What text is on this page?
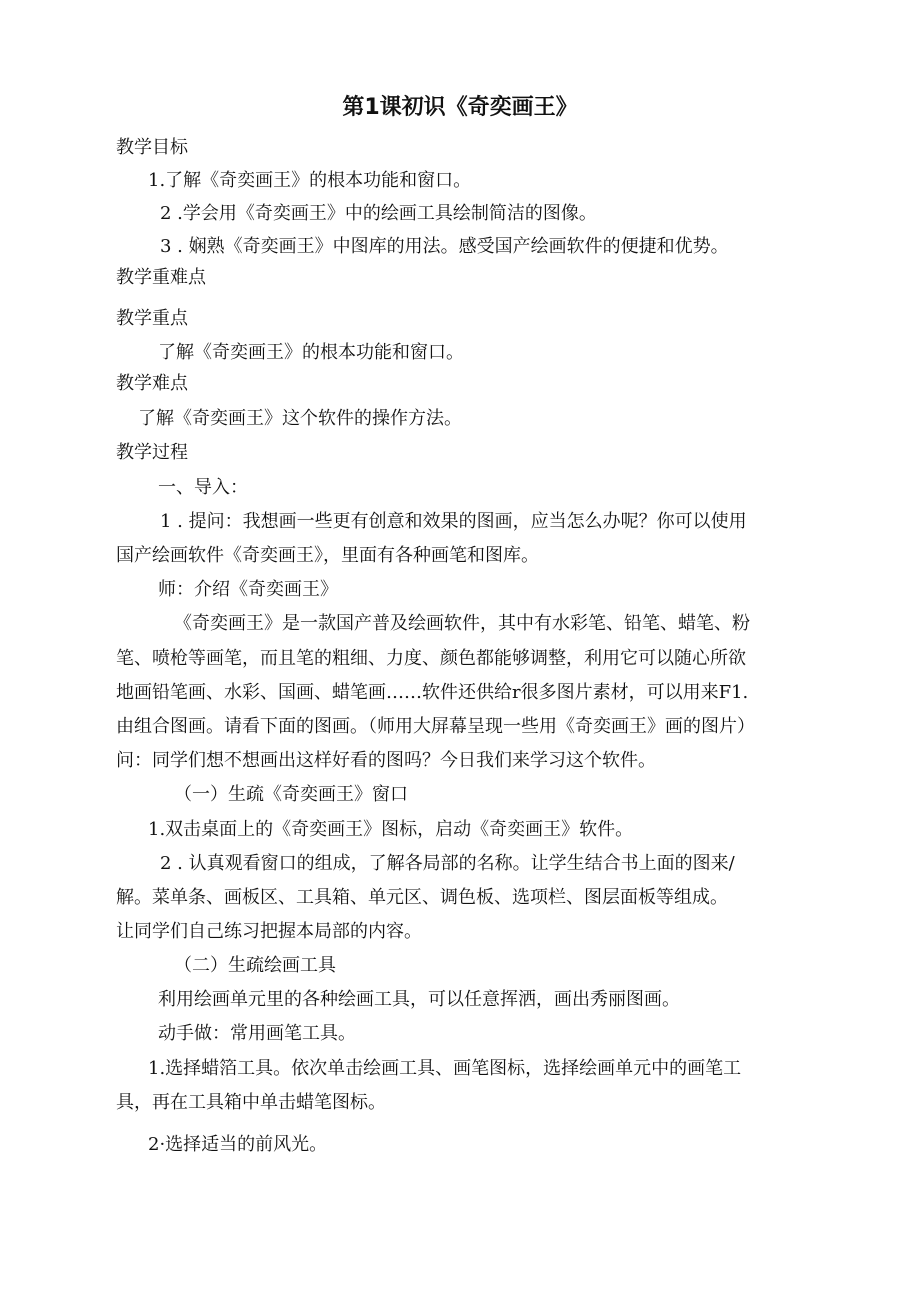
第1课初识《奇奕画王》
教学目标
1.了解《奇奕画王》的根本功能和窗口。
2 .学会用《奇奕画王》中的绘画工具绘制简洁的图像。
3 . 娴熟《奇奕画王》中图库的用法。感受国产绘画软件的便捷和优势。
教学重难点
教学重点
了解《奇奕画王》的根本功能和窗口。
教学难点
了解《奇奕画王》这个软件的操作方法。
教学过程
一、导入：
1 . 提问：我想画一些更有创意和效果的图画，应当怎么办呢？你可以使用
国产绘画软件《奇奕画王》，里面有各种画笔和图库。
师：介绍《奇奕画王》
《奇奕画王》是一款国产普及绘画软件，其中有水彩笔、铅笔、蜡笔、粉
笔、喷枪等画笔，而且笔的粗细、力度、颜色都能够调整，利用它可以随心所欲
地画铅笔画、水彩、国画、蜡笔画……软件还供给r很多图片素材，可以用来F1.
由组合图画。请看下面的图画。（师用大屏幕呈现一些用《奇奕画王》画的图片）
问：同学们想不想画出这样好看的图吗？今日我们来学习这个软件。
（一）生疏《奇奕画王》窗口
1.双击桌面上的《奇奕画王》图标，启动《奇奕画王》软件。
2 . 认真观看窗口的组成，了解各局部的名称。让学生结合书上面的图来/
解。菜单条、画板区、工具箱、单元区、调色板、选项栏、图层面板等组成。
让同学们自己练习把握本局部的内容。
（二）生疏绘画工具
利用绘画单元里的各种绘画工具，可以任意挥洒，画出秀丽图画。
动手做：常用画笔工具。
1.选择蜡箔工具。依次单击绘画工具、画笔图标，选择绘画单元中的画笔工
具，再在工具箱中单击蜡笔图标。
2·选择适当的前风光。
